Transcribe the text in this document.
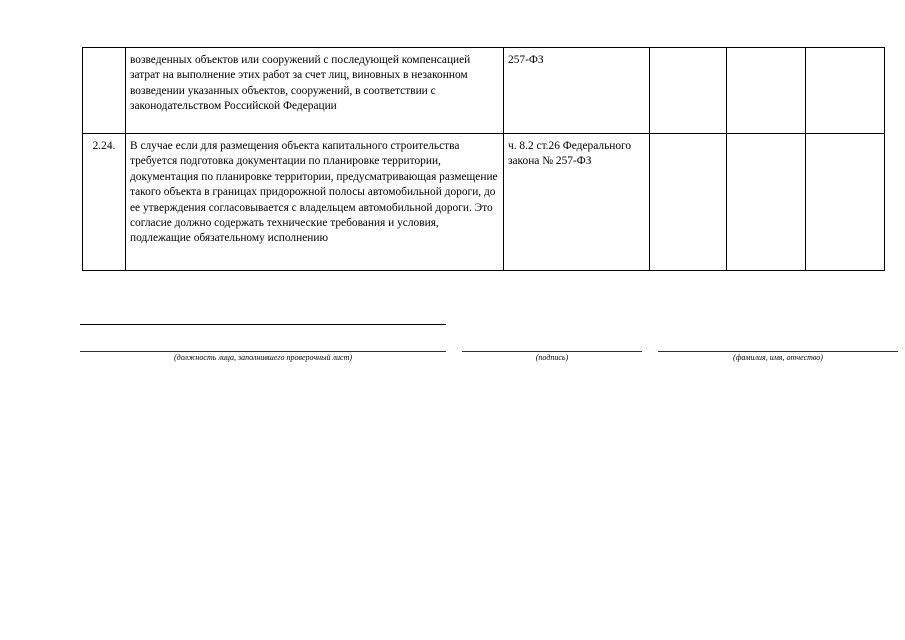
	возведенных объектов или сооружений с последующей компенсацией затрат на выполнение этих работ за счет лиц, виновных в незаконном возведении указанных объектов, сооружений, в соответствии с законодательством Российской Федерации	257-ФЗ			
2.24.	В случае если для размещения объекта капитального строительства требуется подготовка документации по планировке территории, документация по планировке территории, предусматривающая размещение такого объекта в границах придорожной полосы автомобильной дороги, до ее утверждения согласовывается с владельцем автомобильной дороги. Это согласие должно содержать технические требования и условия, подлежащие обязательному исполнению	ч. 8.2 ст.26 Федерального закона № 257-ФЗ			
(должность лица, заполнившего проверочный лист)	(подпись)	(фамилия, имя, отчество)
